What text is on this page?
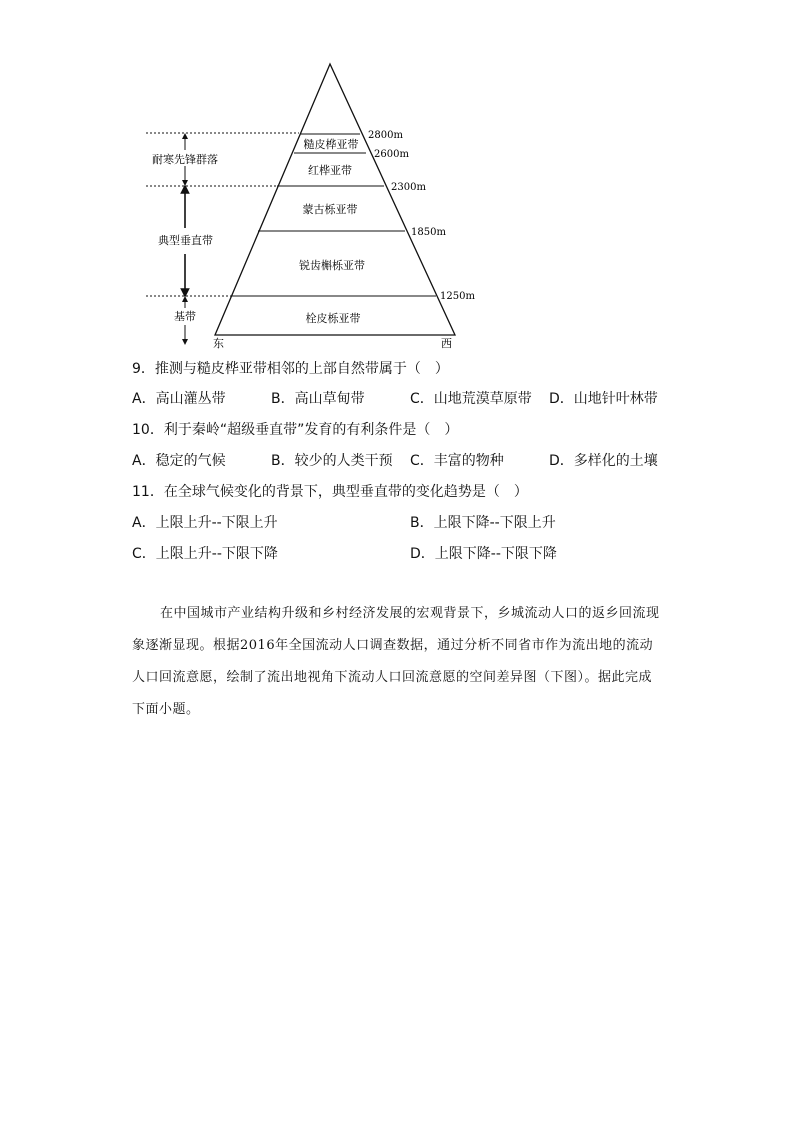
糙皮桦亚带
红桦亚带
蒙古栎亚带
锐齿槲栎亚带
栓皮栎亚带
2800m
2600m
2300m
1850m
1250m
耐寒先锋群落
典型垂直带
基带
东	西
9．推测与糙皮桦亚带相邻的上部自然带属于（　）
A．高山灌丛带	B．高山草甸带	C．山地荒漠草原带 D．山地针叶林带
10．利于秦岭“超级垂直带”发育的有利条件是（　）
A．稳定的气候	B．较少的人类干预 C．丰富的物种	D．多样化的土壤
11．在全球气候变化的背景下，典型垂直带的变化趋势是（　）
A．上限上升--下限上升	B．上限下降--下限上升
C．上限上升--下限下降	D．上限下降--下限下降
在中国城市产业结构升级和乡村经济发展的宏观背景下，乡城流动人口的返乡回流现象逐渐显现。根据2016年全国流动人口调查数据，通过分析不同省市作为流出地的流动人口回流意愿，绘制了流出地视角下流动人口回流意愿的空间差异图（下图）。据此完成下面小题。
